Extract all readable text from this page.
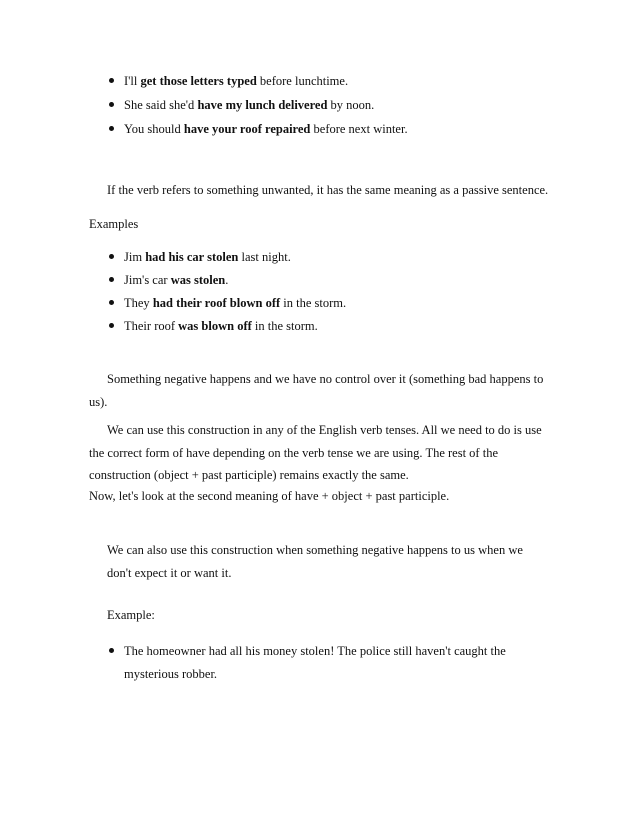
I'll get those letters typed before lunchtime.
She said she'd have my lunch delivered by noon.
You should have your roof repaired before next winter.
If the verb refers to something unwanted, it has the same meaning as a passive sentence.
Examples
Jim had his car stolen last night.
Jim's car was stolen.
They had their roof blown off in the storm.
Their roof was blown off in the storm.
Something negative happens and we have no control over it (something bad happens to
us).
We can use this construction in any of the English verb tenses. All we need to do is use
the correct form of have depending on the verb tense we are using. The rest of the
construction (object + past participle) remains exactly the same.
Now, let's look at the second meaning of have + object + past participle.
We can also use this construction when something negative happens to us when we
don't expect it or want it.
Example:
The homeowner had all his money stolen! The police still haven't caught the
mysterious robber.
